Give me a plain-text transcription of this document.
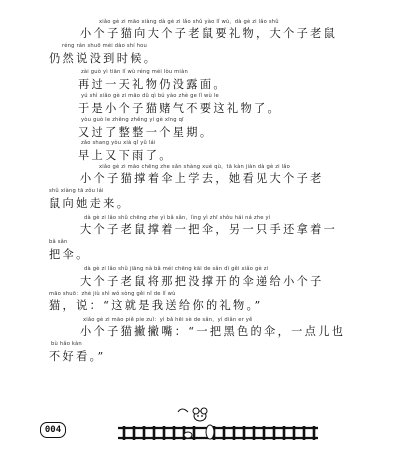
xiǎo gè zi māo xiàng dà gè zi lǎo shǔ yào lǐ wù，dà gè zi lǎo shǔ
小个子猫向大个子老鼠要礼物，大个子老鼠
réng rán shuō méi dào shí hou
仍然说没到时候。
zài guò yì tiān lǐ wù réng méi lòu miàn
再过一天礼物仍没露面。
yú shì xiǎo gè zi māo dǔ qì bú yào zhè ge lǐ wù le
于是小个子猫赌气不要这礼物了。
yòu guò le zhěng zhěng yí gè xīng qī
又过了整整一个星期。
zǎo shang yòu xià qǐ yǔ lái
早上又下雨了。
xiǎo gè zi māo chēng zhe sǎn shàng xué qù，tā kàn jiàn dà gè zi lǎo
小个子猫撑着伞上学去，她看见大个子老
shǔ xiàng tā zǒu lái
鼠向她走来。
dà gè zi lǎo shǔ chēng zhe yì bǎ sǎn，lìng yì zhī shǒu hái ná zhe yì
大个子老鼠撑着一把伞，另一只手还拿着一
bǎ sǎn
把伞。
dà gè zi lǎo shǔ jiāng nà bǎ méi chēng kāi de sǎn dì gěi xiǎo gè zi
大个子老鼠将那把没撑开的伞递给小个子
māo shuō：zhè jiù shì wǒ sòng gěi nǐ de lǐ wù
猫，说：“这就是我送给你的礼物。”
xiǎo gè zi māo piě pie zuǐ：yì bǎ hēi sè de sǎn，yì diǎn er yě
小个子猫撇撇嘴：“一把黑色的伞，一点儿也
bù hǎo kàn
不好看。”
004
